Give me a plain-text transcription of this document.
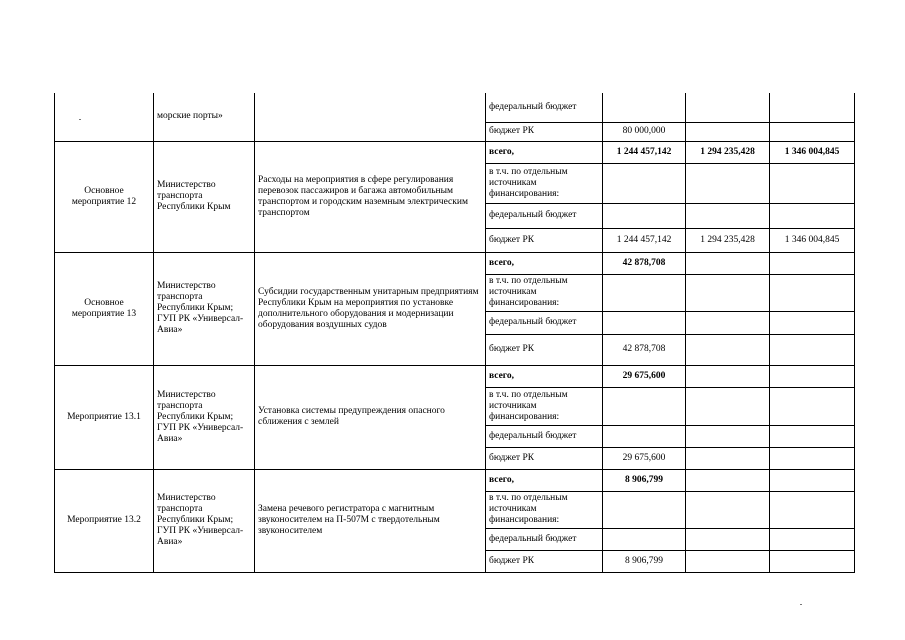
	морские порты»		федеральный бюджет			
			бюджет РК	80 000,000		
Основное мероприятие 12	Министерство транспорта Республики Крым	Расходы на мероприятия в сфере регулирования перевозок пассажиров и багажа автомобильным транспортом и городским наземным электрическим транспортом	всего,	1 244 457,142	1 294 235,428	1 346 004,845
			в т.ч. по отдельным источникам финансирования:			
			федеральный бюджет			
			бюджет РК	1 244 457,142	1 294 235,428	1 346 004,845
Основное мероприятие 13	Министерство транспорта Республики Крым; ГУП РК «Универсал-Авиа»	Субсидии государственным унитарным предприятиям Республики Крым на мероприятия по установке дополнительного оборудования и модернизации оборудования воздушных судов	всего,	42 878,708		
			в т.ч. по отдельным источникам финансирования:			
			федеральный бюджет			
			бюджет РК	42 878,708		
Мероприятие 13.1	Министерство транспорта Республики Крым; ГУП РК «Универсал-Авиа»	Установка системы предупреждения опасного сближения с землей	всего,	29 675,600		
			в т.ч. по отдельным источникам финансирования:			
			федеральный бюджет			
			бюджет РК	29 675,600		
Мероприятие 13.2	Министерство транспорта Республики Крым; ГУП РК «Универсал-Авиа»	Замена речевого регистратора с магнитным звуконосителем на П-507М с твердотельным звуконосителем	всего,	8 906,799		
			в т.ч. по отдельным источникам финансирования:			
			федеральный бюджет			
			бюджет РК	8 906,799		
